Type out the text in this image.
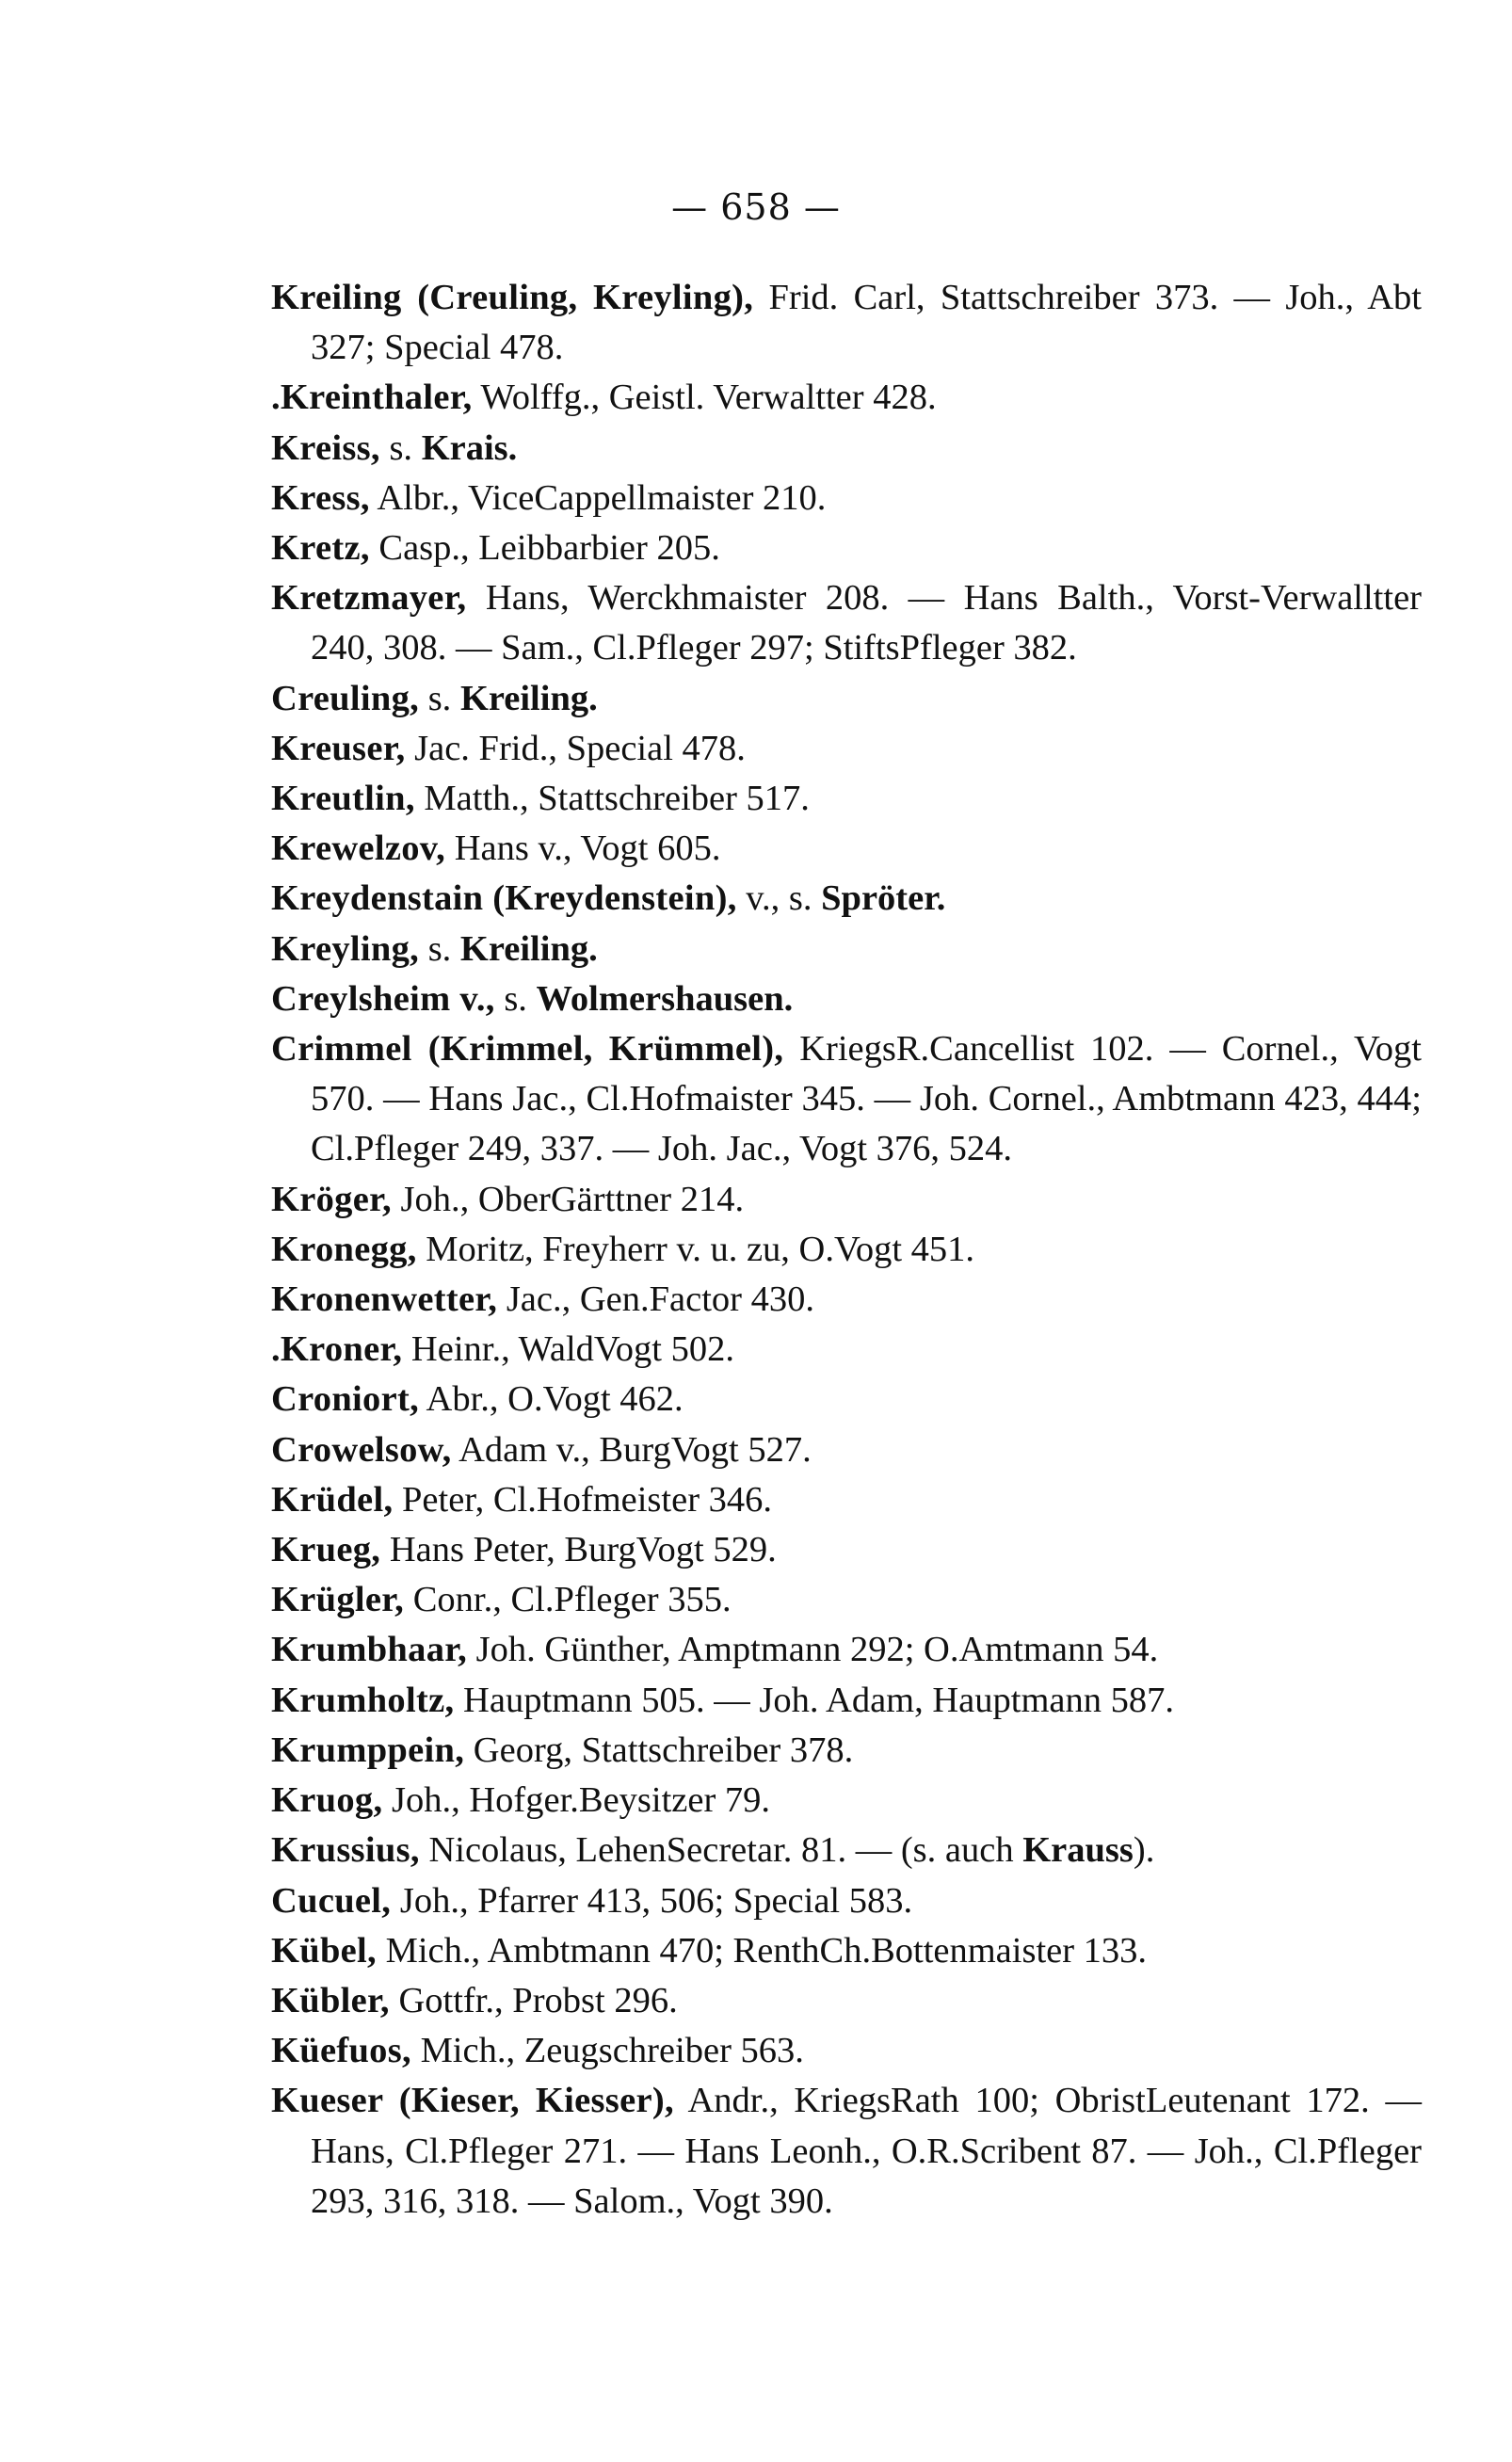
— 658 —
Kreiling (Creuling, Kreyling), Frid. Carl, Stattschreiber 373. — Joh., Abt 327; Special 478.
.Kreinthaler, Wolffg., Geistl. Verwaltter 428.
Kreiss, s. Krais.
Kress, Albr., ViceCappellmaister 210.
Kretz, Casp., Leibbarbier 205.
Kretzmayer, Hans, Werckhmaister 208. — Hans Balth., Vorst-Verwalltter 240, 308. — Sam., Cl.Pfleger 297; StiftsPfleger 382.
Creuling, s. Kreiling.
Kreuser, Jac. Frid., Special 478.
Kreutlin, Matth., Stattschreiber 517.
Krewelzov, Hans v., Vogt 605.
Kreydenstain (Kreydenstein), v., s. Spröter.
Kreyling, s. Kreiling.
Creylsheim v., s. Wolmershausen.
Crimmel (Krimmel, Krümmel), KriegsR.Cancellist 102. — Cornel., Vogt 570. — Hans Jac., Cl.Hofmaister 345. — Joh. Cornel., Ambtmann 423, 444; Cl.Pfleger 249, 337. — Joh. Jac., Vogt 376, 524.
Kröger, Joh., OberGärttner 214.
Kronegg, Moritz, Freyherr v. u. zu, O.Vogt 451.
Kronenwetter, Jac., Gen.Factor 430.
.Kroner, Heinr., WaldVogt 502.
Croniort, Abr., O.Vogt 462.
Crowelsow, Adam v., BurgVogt 527.
Krüdel, Peter, Cl.Hofmeister 346.
Krueg, Hans Peter, BurgVogt 529.
Krügler, Conr., Cl.Pfleger 355.
Krumbhaar, Joh. Günther, Amptmann 292; O.Amtmann 54.
Krumholtz, Hauptmann 505. — Joh. Adam, Hauptmann 587.
Krumppein, Georg, Stattschreiber 378.
Kruog, Joh., Hofger.Beysitzer 79.
Krussius, Nicolaus, LehenSecretar. 81. — (s. auch Krauss).
Cucuel, Joh., Pfarrer 413, 506; Special 583.
Kübel, Mich., Ambtmann 470; RenthCh.Bottenmaister 133.
Kübler, Gottfr., Probst 296.
Küefuos, Mich., Zeugschreiber 563.
Kueser (Kieser, Kiesser), Andr., KriegsRath 100; ObristLeutenant 172. — Hans, Cl.Pfleger 271. — Hans Leonh., O.R.Scribent 87. — Joh., Cl.Pfleger 293, 316, 318. — Salom., Vogt 390.
